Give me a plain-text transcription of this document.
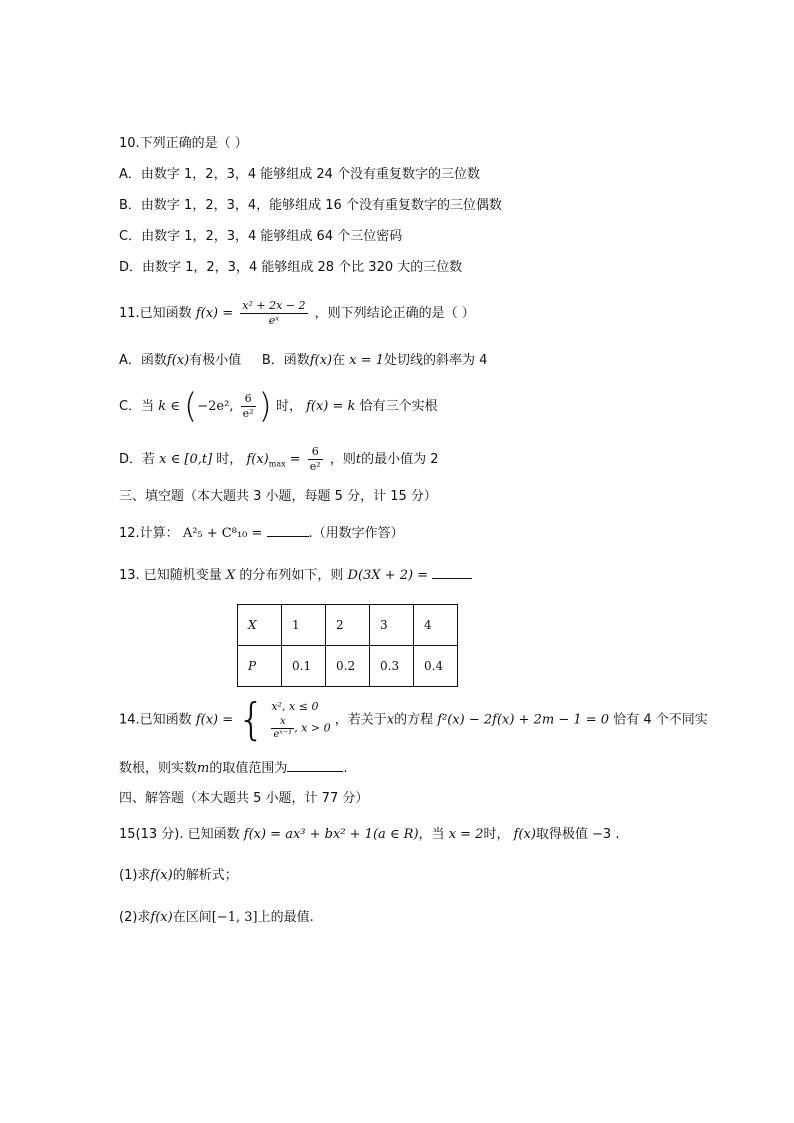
10.下列正确的是（ ）
A．由数字 1，2，3，4 能够组成 24 个没有重复数字的三位数
B．由数字 1，2，3，4，能够组成 16 个没有重复数字的三位偶数
C．由数字 1，2，3，4 能够组成 64 个三位密码
D．由数字 1，2，3，4 能够组成 28 个比 320 大的三位数
11.已知函数 $f(x) = \frac{\text{x² + 2x − 2}}{\text{eˣ}}$ ，则下列结论正确的是（ ）
A．函数f(x)有极小值 B．函数f(x)在 x = 1处切线的斜率为 4
C．当 k ∈ (−2e², $\frac{6}{\text{e²}}$ ) 时， f(x) = k 恰有三个实根
D．若 x ∈ [0,t] 时， $f(x)_{max} = \frac{6}{\text{e²}}$ ，则t的最小值为 2
三、填空题（本大题共 3 小题，每题 5 分，计 15 分）
12.计算： A²₅ + C⁸₁₀ =	.（用数字作答）
13. 已知随机变量 X 的分布列如下，则 D(3X + 2) =
X	1	2	3	4
P	0.1	0.2	0.3	0.4
14.已知函数 f(x) = { x², x ≤ 0
$\frac{x}{\text{eˣ⁻¹}}$ , x > 0
，若关于x的方程 f²(x) − 2f(x) + 2m − 1 = 0 恰有 4 个不同实
数根，则实数m的取值范围为	.
四、解答题（本大题共 5 小题，计 77 分）
15(13 分). 已知函数 f(x) = ax³ + bx² + 1(a ∈ R)，当 x = 2时， f(x)取得极值 −3 .
(1)求f(x)的解析式；
(2)求f(x)在区间[−1, 3]上的最值.
